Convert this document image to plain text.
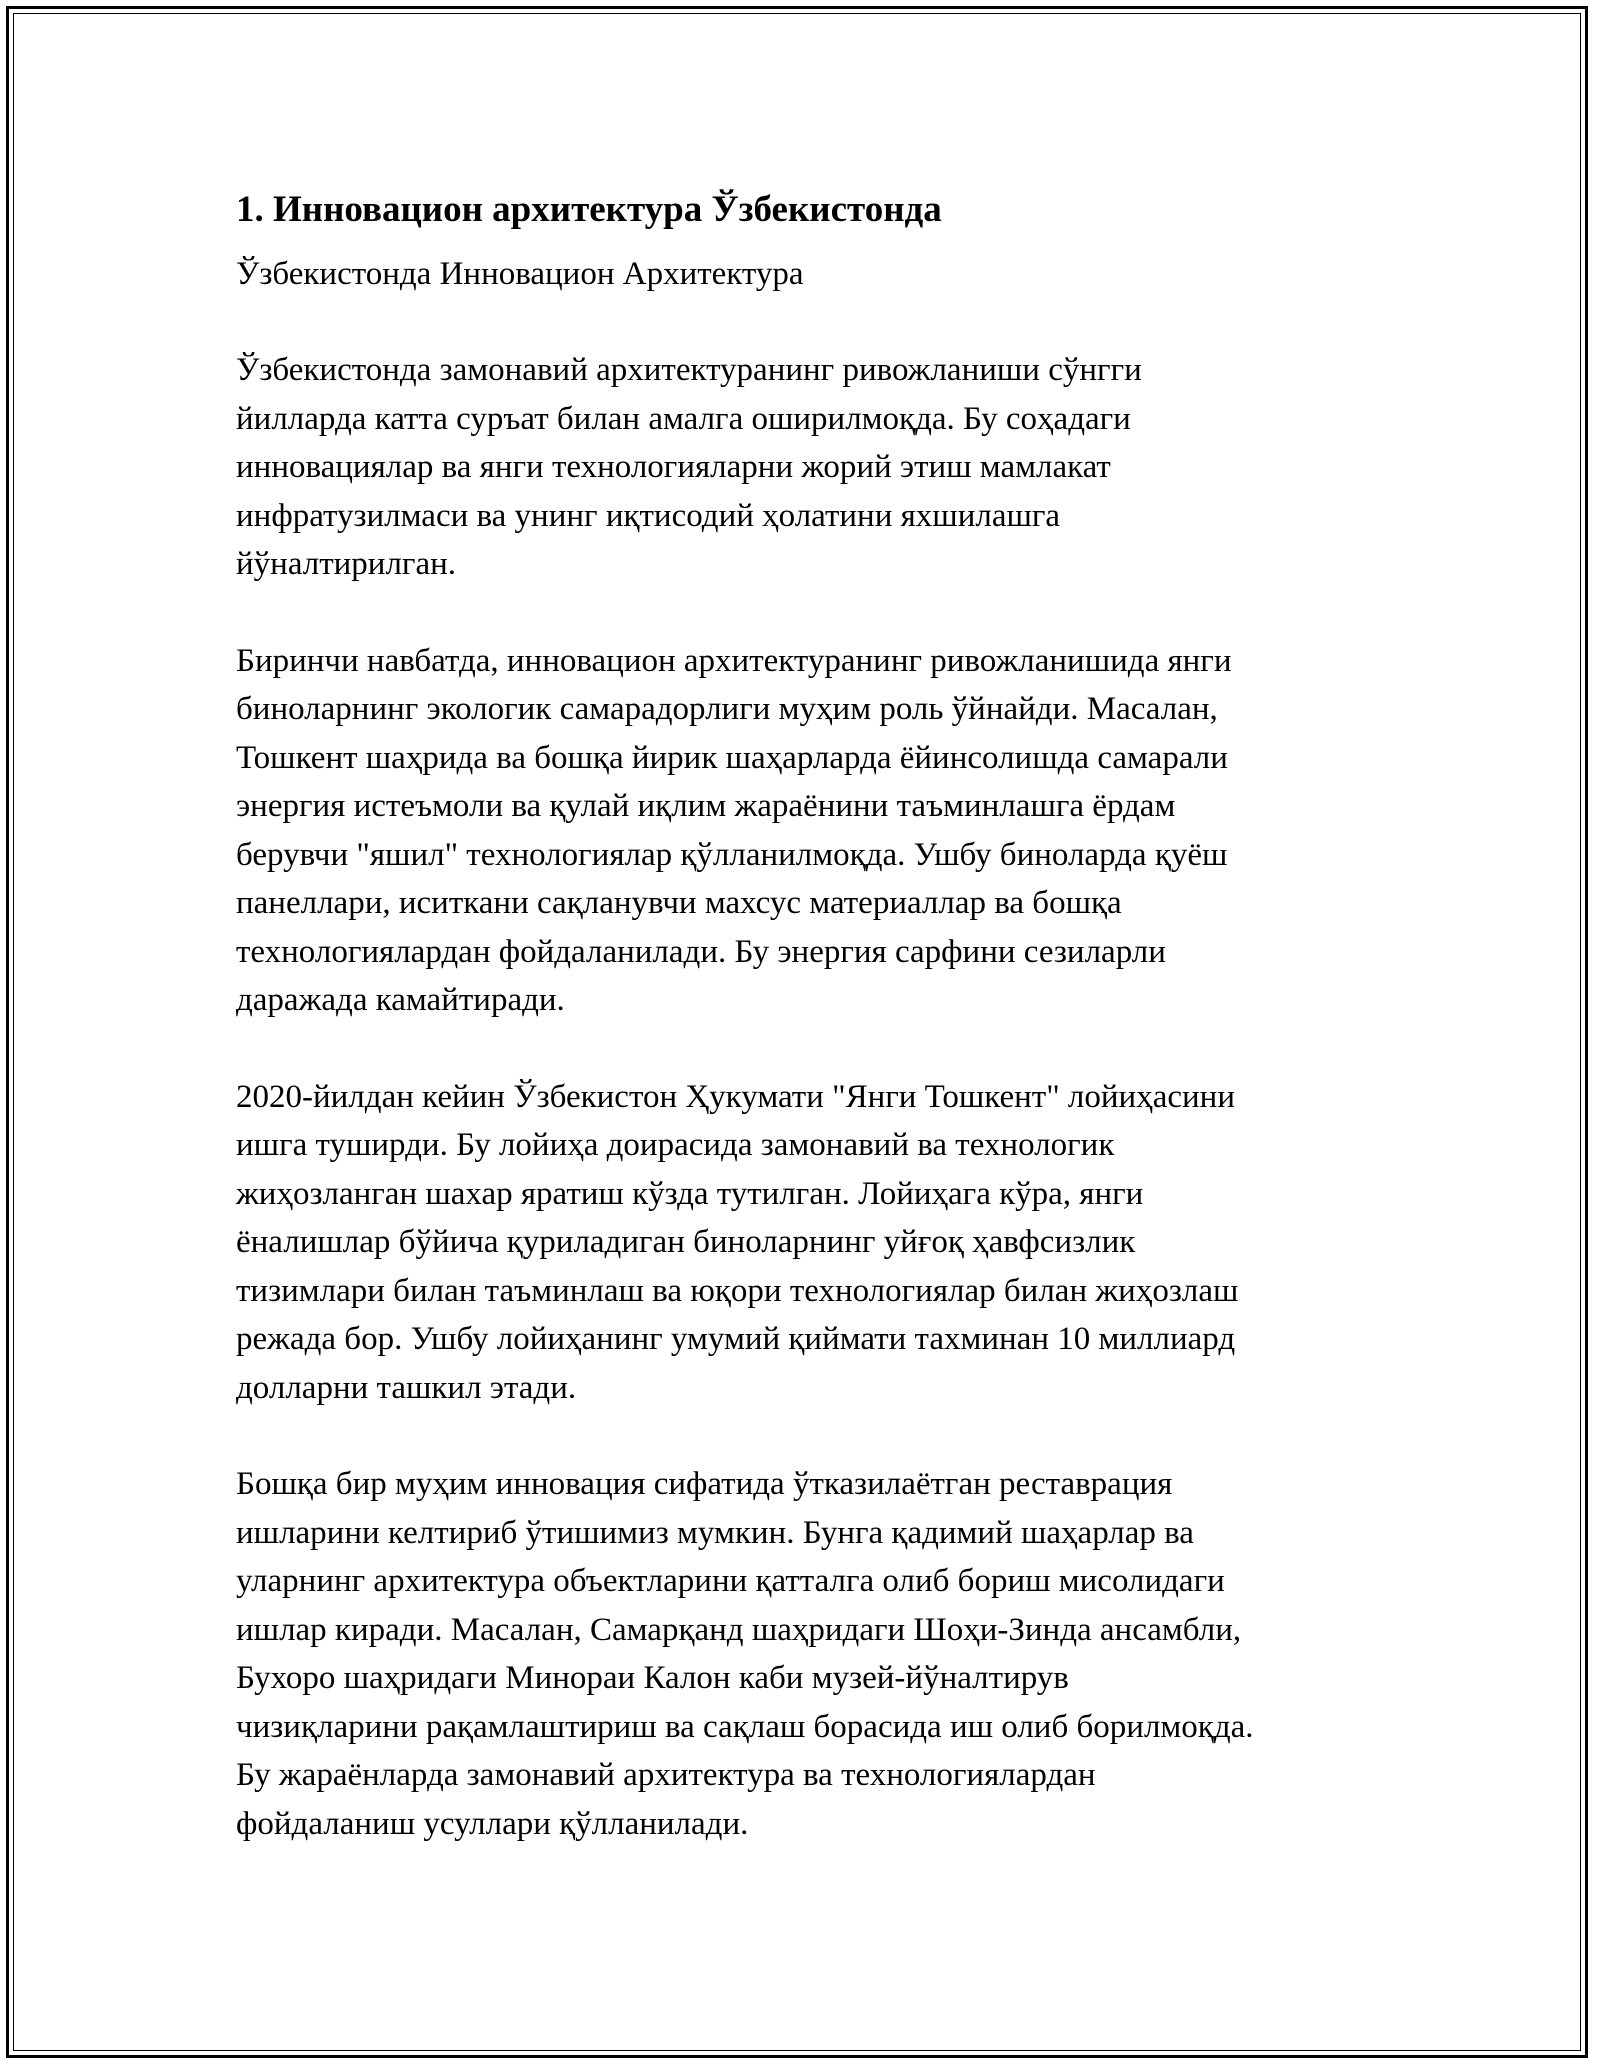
1. Инновацион архитектура Ўзбекистонда
Ўзбекистонда Инновацион Архитектура
Ўзбекистонда замонавий архитектуранинг ривожланиши сўнгги
йилларда катта суръат билан амалга оширилмоқда. Бу соҳадаги
инновациялар ва янги технологияларни жорий этиш мамлакат
инфратузилмаси ва унинг иқтисодий ҳолатини яхшилашга
йўналтирилган.
Биринчи навбатда, инновацион архитектуранинг ривожланишида янги
биноларнинг экологик самарадорлиги муҳим роль ўйнайди. Масалан,
Тошкент шаҳрида ва бошқа йирик шаҳарларда ёйинсолишда самарали
энергия истеъмоли ва қулай иқлим жараёнини таъминлашга ёрдам
берувчи "яшил" технологиялар қўлланилмоқда. Ушбу биноларда қуёш
панеллари, иситкани сақланувчи махсус материаллар ва бошқа
технологиялардан фойдаланилади. Бу энергия сарфини сезиларли
даражада камайтиради.
2020-йилдан кейин Ўзбекистон Ҳукумати "Янги Тошкент" лойиҳасини
ишга туширди. Бу лойиҳа доирасида замонавий ва технологик
жиҳозланган шахар яратиш кўзда тутилган. Лойиҳага кўра, янги
ёналишлар бўйича қуриладиган биноларнинг уйғоқ ҳавфсизлик
тизимлари билан таъминлаш ва юқори технологиялар билан жиҳозлаш
режада бор. Ушбу лойиҳанинг умумий қиймати тахминан 10 миллиард
долларни ташкил этади.
Бошқа бир муҳим инновация сифатида ўтказилаётган реставрация
ишларини келтириб ўтишимиз мумкин. Бунга қадимий шаҳарлар ва
уларнинг архитектура объектларини қатталга олиб бориш мисолидаги
ишлар киради. Масалан, Самарқанд шаҳридаги Шоҳи-Зинда ансамбли,
Бухоро шаҳридаги Минораи Калон каби музей-йўналтирув
чизиқларини рақамлаштириш ва сақлаш борасида иш олиб борилмоқда.
Бу жараёнларда замонавий архитектура ва технологиялардан
фойдаланиш усуллари қўлланилади.
